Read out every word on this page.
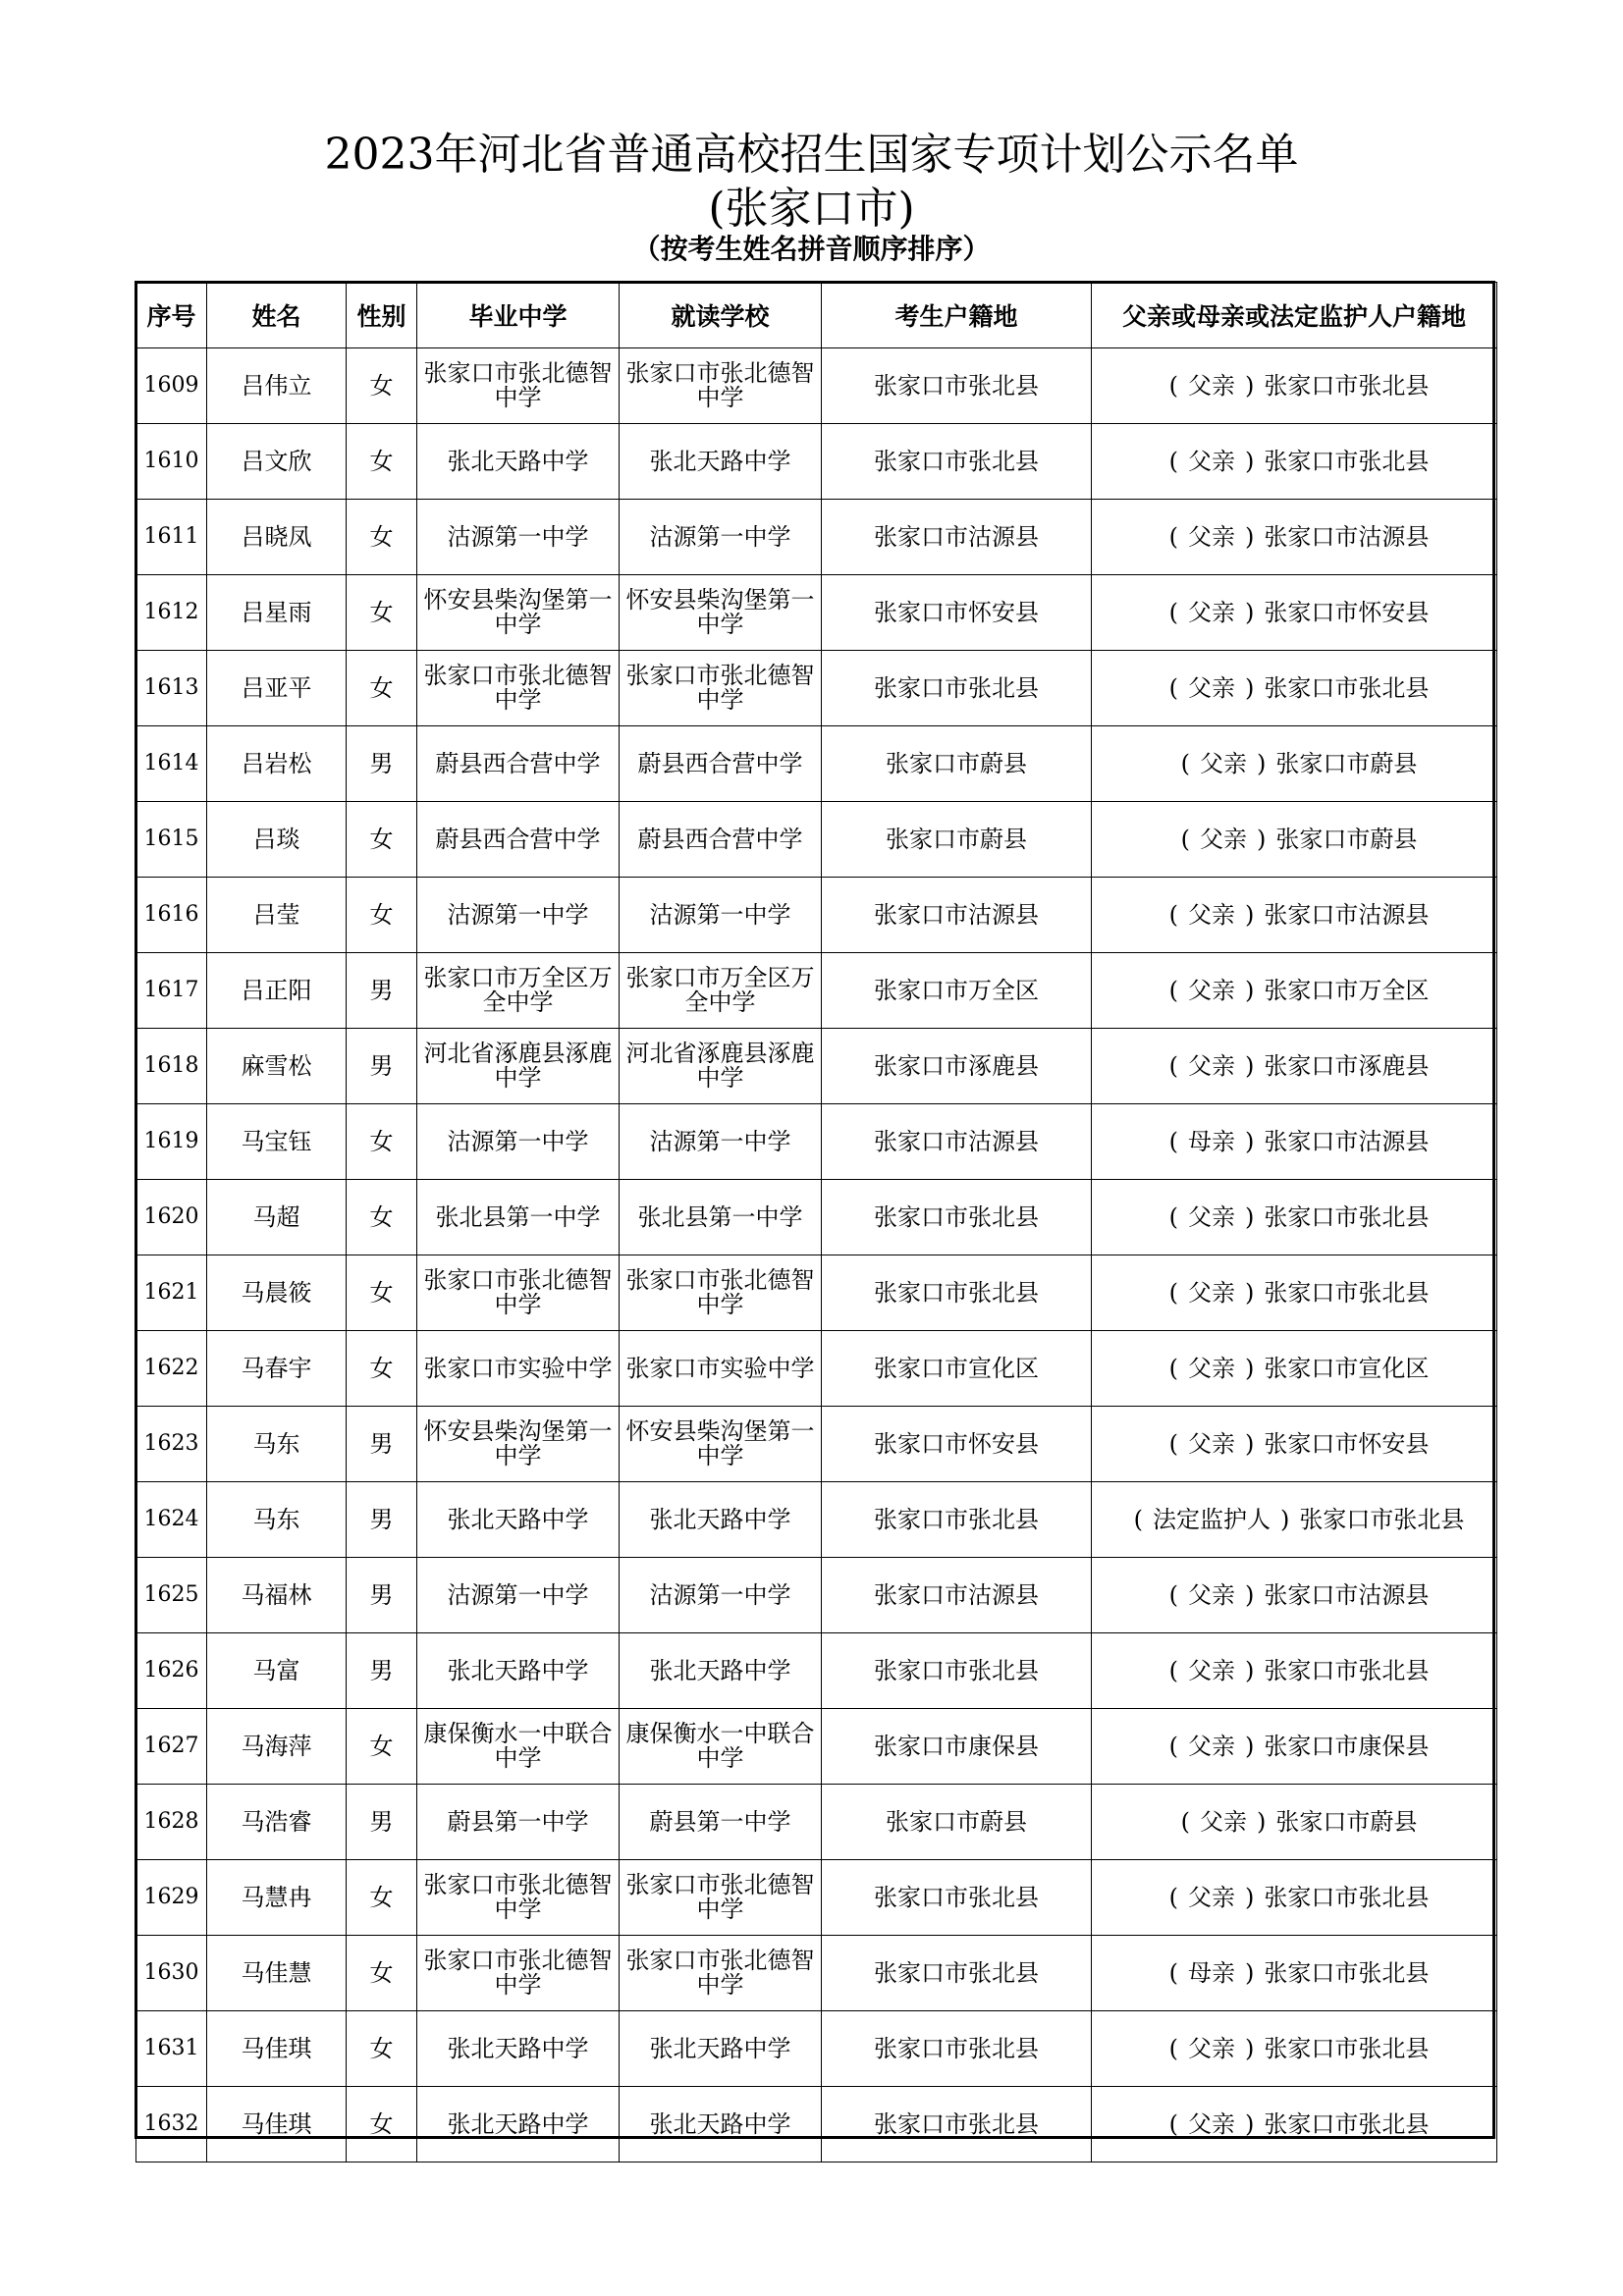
2023年河北省普通高校招生国家专项计划公示名单
(张家口市)
（按考生姓名拼音顺序排序）
序号	姓名	性别	毕业中学	就读学校	考生户籍地	父亲或母亲或法定监护人户籍地
1609	吕伟立	女	张家口市张北德智中学	张家口市张北德智中学	张家口市张北县	( 父亲 ) 张家口市张北县
1610	吕文欣	女	张北天路中学	张北天路中学	张家口市张北县	( 父亲 ) 张家口市张北县
1611	吕晓凤	女	沽源第一中学	沽源第一中学	张家口市沽源县	( 父亲 ) 张家口市沽源县
1612	吕星雨	女	怀安县柴沟堡第一中学	怀安县柴沟堡第一中学	张家口市怀安县	( 父亲 ) 张家口市怀安县
1613	吕亚平	女	张家口市张北德智中学	张家口市张北德智中学	张家口市张北县	( 父亲 ) 张家口市张北县
1614	吕岩松	男	蔚县西合营中学	蔚县西合营中学	张家口市蔚县	( 父亲 ) 张家口市蔚县
1615	吕琰	女	蔚县西合营中学	蔚县西合营中学	张家口市蔚县	( 父亲 ) 张家口市蔚县
1616	吕莹	女	沽源第一中学	沽源第一中学	张家口市沽源县	( 父亲 ) 张家口市沽源县
1617	吕正阳	男	张家口市万全区万全中学	张家口市万全区万全中学	张家口市万全区	( 父亲 ) 张家口市万全区
1618	麻雪松	男	河北省涿鹿县涿鹿中学	河北省涿鹿县涿鹿中学	张家口市涿鹿县	( 父亲 ) 张家口市涿鹿县
1619	马宝钰	女	沽源第一中学	沽源第一中学	张家口市沽源县	( 母亲 ) 张家口市沽源县
1620	马超	女	张北县第一中学	张北县第一中学	张家口市张北县	( 父亲 ) 张家口市张北县
1621	马晨筱	女	张家口市张北德智中学	张家口市张北德智中学	张家口市张北县	( 父亲 ) 张家口市张北县
1622	马春宇	女	张家口市实验中学	张家口市实验中学	张家口市宣化区	( 父亲 ) 张家口市宣化区
1623	马东	男	怀安县柴沟堡第一中学	怀安县柴沟堡第一中学	张家口市怀安县	( 父亲 ) 张家口市怀安县
1624	马东	男	张北天路中学	张北天路中学	张家口市张北县	( 法定监护人 ) 张家口市张北县
1625	马福林	男	沽源第一中学	沽源第一中学	张家口市沽源县	( 父亲 ) 张家口市沽源县
1626	马富	男	张北天路中学	张北天路中学	张家口市张北县	( 父亲 ) 张家口市张北县
1627	马海萍	女	康保衡水一中联合中学	康保衡水一中联合中学	张家口市康保县	( 父亲 ) 张家口市康保县
1628	马浩睿	男	蔚县第一中学	蔚县第一中学	张家口市蔚县	( 父亲 ) 张家口市蔚县
1629	马慧冉	女	张家口市张北德智中学	张家口市张北德智中学	张家口市张北县	( 父亲 ) 张家口市张北县
1630	马佳慧	女	张家口市张北德智中学	张家口市张北德智中学	张家口市张北县	( 母亲 ) 张家口市张北县
1631	马佳琪	女	张北天路中学	张北天路中学	张家口市张北县	( 父亲 ) 张家口市张北县
1632	马佳琪	女	张北天路中学	张北天路中学	张家口市张北县	( 父亲 ) 张家口市张北县
